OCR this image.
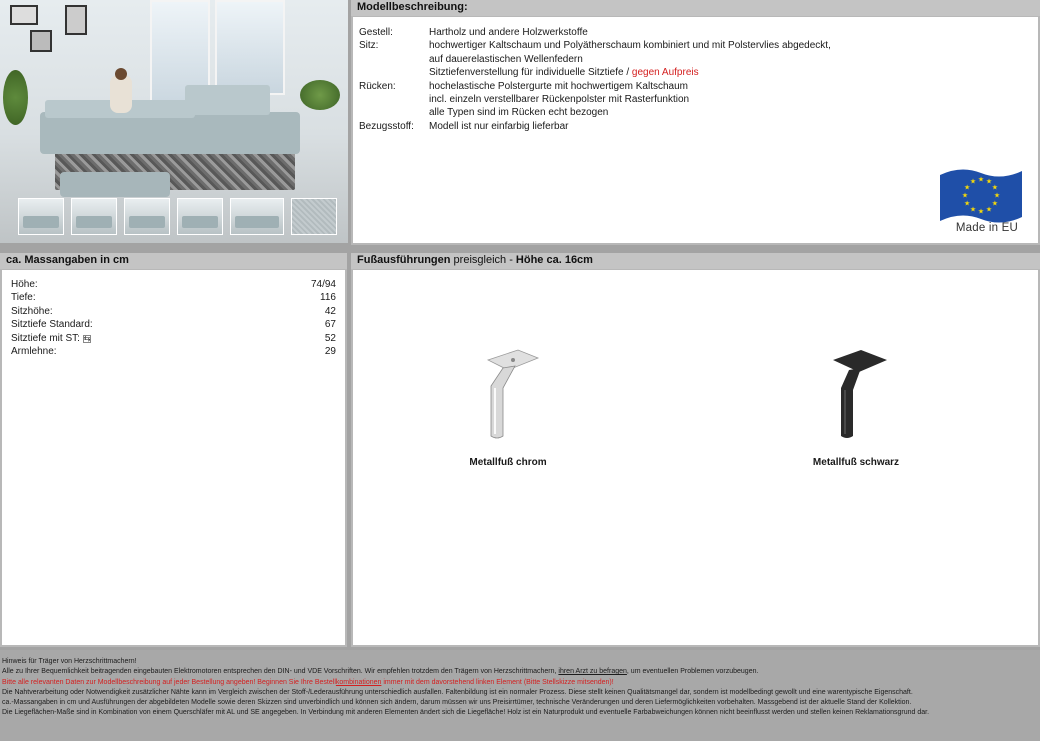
Modellbeschreibung:
Gestell:	Hartholz und andere Holzwerkstoffe
Sitz:	hochwertiger Kaltschaum und Polyätherschaum kombiniert und mit Polstervlies abgedeckt,
auf dauerelastischen Wellenfedern
Sitztiefenverstellung für individuelle Sitztiefe / gegen Aufpreis
Rücken:	hochelastische Polstergurte mit hochwertigem Kaltschaum
incl. einzeln verstellbarer Rückenpolster mit Rasterfunktion
alle Typen sind im Rücken echt bezogen
Bezugsstoff:	Modell ist nur einfarbig lieferbar
★
★
★
★
★
★
★
★
★ ★ ★
★
Made in EU
ca. Massangaben in cm
Höhe:	74/94
Tiefe:	116
Sitzhöhe:	42
Sitztiefe Standard:	67
Sitztiefe mit ST: ⇆	52
Armlehne:	29
Fußausführungen preisgleich - Höhe ca. 16cm
Metallfuß chrom	Metallfuß schwarz
Hinweis für Träger von Herzschrittmachern!
Alle zu Ihrer Bequemlichkeit beitragenden eingebauten Elektromotoren entsprechen den DIN- und VDE Vorschriften. Wir empfehlen trotzdem den Trägern von Herzschrittmachern, ihren Arzt zu befragen, um eventuellen Problemen vorzubeugen.
Bitte alle relevanten Daten zur Modellbeschreibung auf jeder Bestellung angeben! Beginnen Sie Ihre Bestellkombinationen immer mit dem davorstehend linken Element (Bitte Stellskizze mitsenden)!
Die Nahtverarbeitung oder Notwendigkeit zusätzlicher Nähte kann im Vergleich zwischen der Stoff-/Lederausführung unterschiedlich ausfallen. Faltenbildung ist ein normaler Prozess. Diese stellt keinen Qualitätsmangel dar, sondern ist modellbedingt gewollt und eine warentypische Eigenschaft.
ca.-Massangaben in cm und Ausführungen der abgebildeten Modelle sowie deren Skizzen sind unverbindlich und können sich ändern, darum müssen wir uns Preisirrtümer, technische Veränderungen und deren Liefermöglichkeiten vorbehalten. Massgebend ist der aktuelle Stand der Kollektion.
Die Liegeflächen-Maße sind in Kombination von einem Querschläfer mit AL und SE angegeben. In Verbindung mit anderen Elementen ändert sich die Liegefläche! Holz ist ein Naturprodukt und eventuelle Farbabweichungen können nicht beeinflusst werden und stellen keinen Reklamationsgrund dar.
